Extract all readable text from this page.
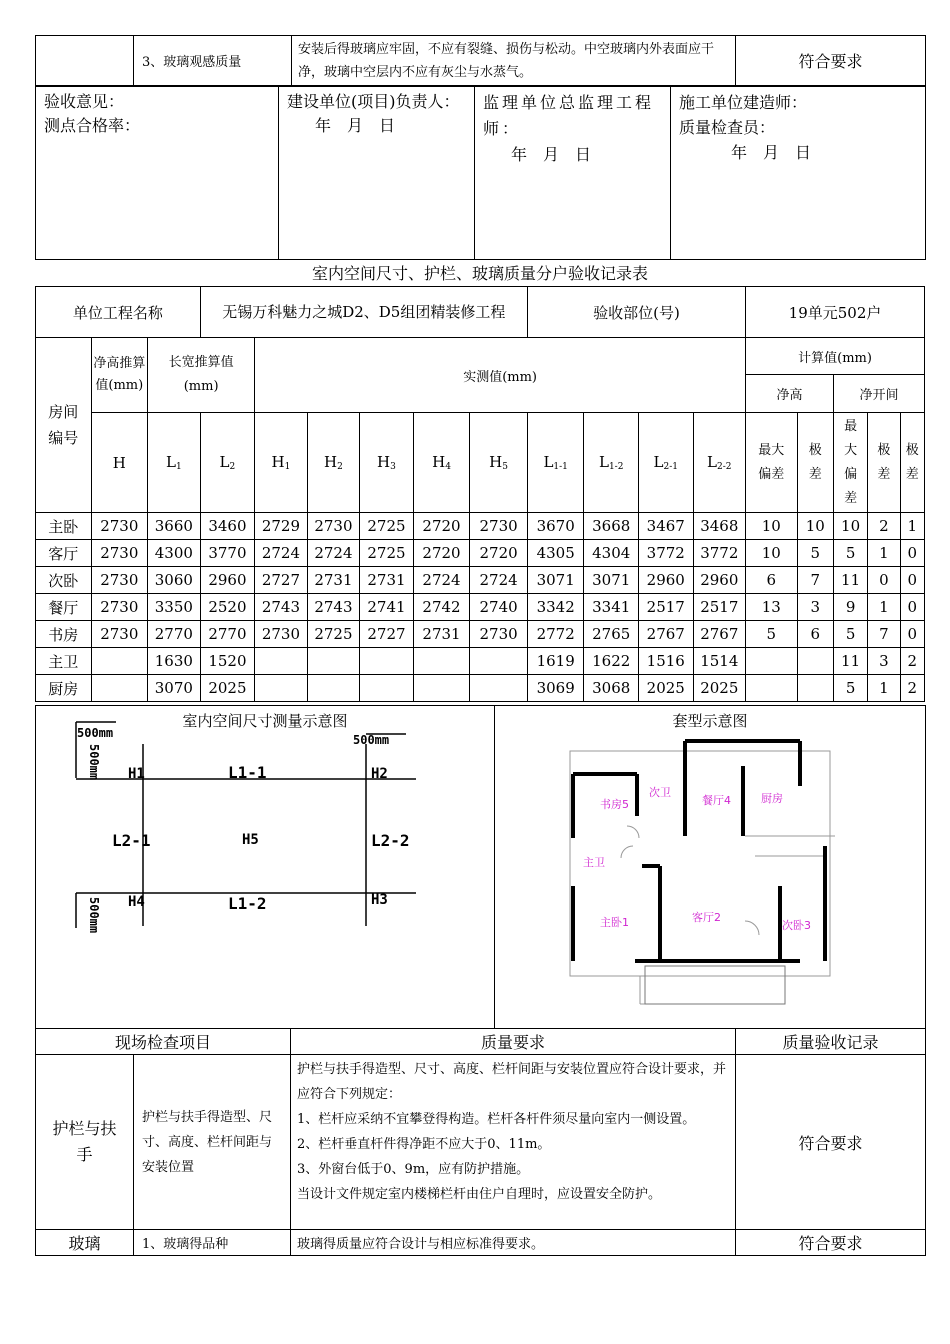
	3、玻璃观感质量	安装后得玻璃应牢固，不应有裂缝、损伤与松动。中空玻璃内外表面应干净，玻璃中空层内不应有灰尘与水蒸气。	符合要求
验收意见：
测点合格率：

建设单位(项目)负责人：
年　月　日

监理单位总监理工程师：
年　月　日

施工单位建造师：
质量检查员：
年　月　日
室内空间尺寸、护栏、玻璃质量分户验收记录表
单位工程名称			无锡万科魅力之城D2、D5组团精装修工程						验收部位(号)				19单元502户				
房间编号	净高推算值(mm)	长宽推算值(mm)		实测值(mm)									计算值(mm)				
													净高		净开间		
	H	$L_1$	$L_2$	$H_1$	$H_2$	$H_3$	$H_4$	$H_5$	$L_{1-1}$	$L_{1-2}$	$L_{2-1}$	$L_{2-2}$	最大偏差	极差	最大偏差	极差	极差
主卧	2730	3660	3460	2729	2730	2725	2720	2730	3670	3668	3467	3468	10	10	10	2	1
客厅	2730	4300	3770	2724	2724	2725	2720	2720	4305	4304	3772	3772	10	5	5	1	0
次卧	2730	3060	2960	2727	2731	2731	2724	2724	3071	3071	2960	2960	6	7	11	0	0
餐厅	2730	3350	2520	2743	2743	2741	2742	2740	3342	3341	2517	2517	13	3	9	1	0
书房	2730	2770	2770	2730	2725	2727	2731	2730	2772	2765	2767	2767	5	6	5	7	0
主卫		1630	1520						1619	1622	1516	1514			11	3	2
厨房		3070	2025						3069	3068	2025	2025			5	1	2
室内空间尺寸测量示意图
500mm	500mm
500mm
500mm
H1	H2
H4	H3
H5
L1-1
L1-2
L2-1	L2-2

套型示意图
书房5
次卫
餐厅4	厨房
主卫
主卧1	客厅2
次卧3
现场检查项目		质量要求	质量验收记录
护栏与扶手	护栏与扶手得造型、尺寸、高度、栏杆间距与安装位置	护栏与扶手得造型、尺寸、高度、栏杆间距与安装位置应符合设计要求，并应符合下列规定：
1、栏杆应采纳不宜攀登得构造。栏杆各杆件须尽量向室内一侧设置。
2、栏杆垂直杆件得净距不应大于0、11m。
3、外窗台低于0、9m，应有防护措施。
当设计文件规定室内楼梯栏杆由住户自理时，应设置安全防护。	符合要求
玻璃	1、玻璃得品种	玻璃得质量应符合设计与相应标准得要求。	符合要求
